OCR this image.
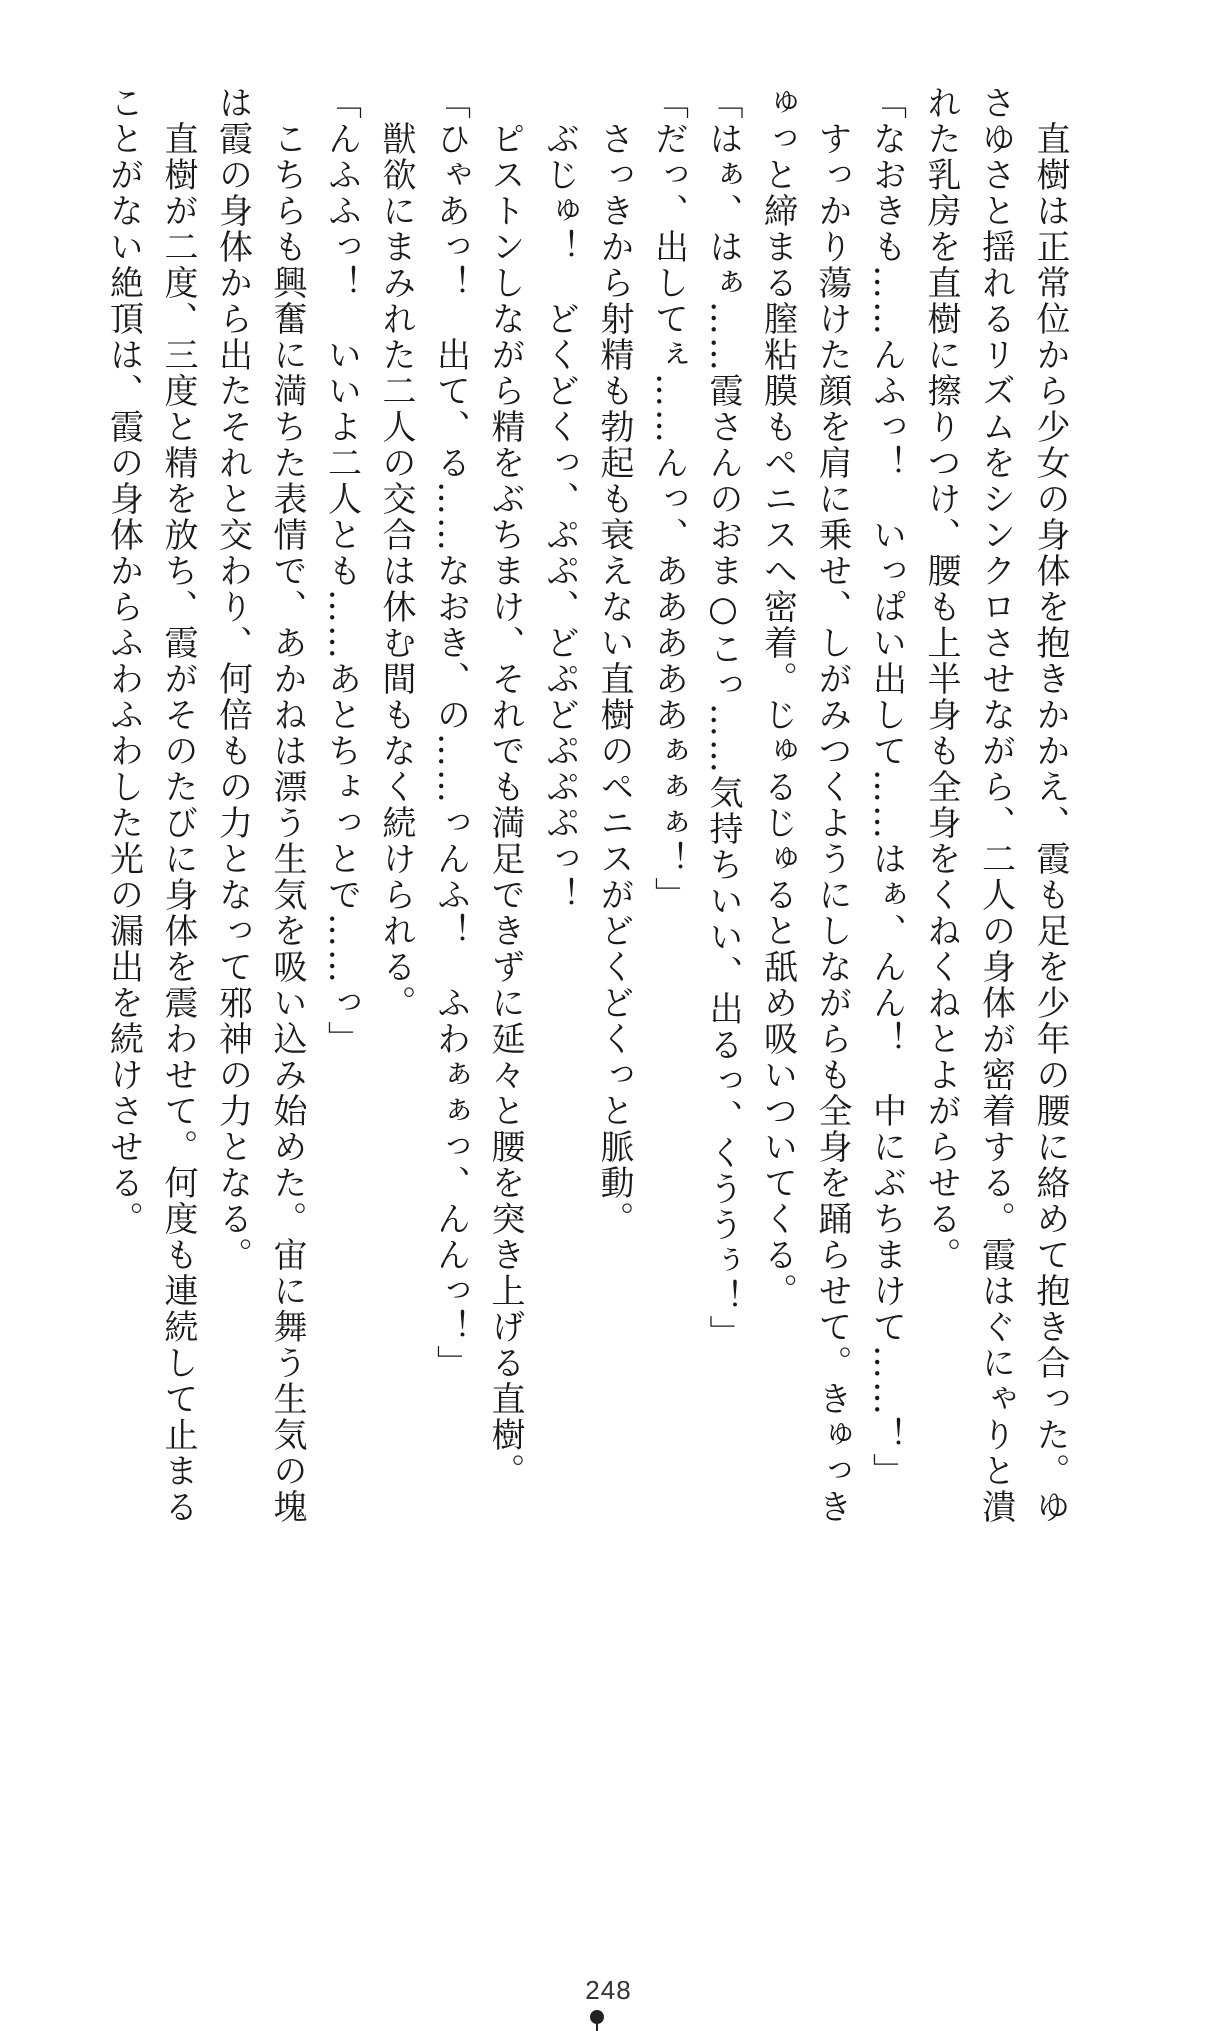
　直樹は正常位から少女の身体を抱きかかえ、霞も足を少年の腰に絡めて抱き合った。ゆ
さゆさと揺れるリズムをシンクロさせながら、二人の身体が密着する。霞はぐにゃりと潰
れた乳房を直樹に擦りつけ、腰も上半身も全身をくねくねとよがらせる。
「なおきも……んふっ！　いっぱい出して……はぁ、んん！　中にぶちまけて……！」
　すっかり蕩けた顔を肩に乗せ、しがみつくようにしながらも全身を踊らせて。きゅっき
ゅっと締まる膣粘膜もペニスへ密着。じゅるじゅると舐め吸いついてくる。
「はぁ、はぁ……霞さんのおま○こっ……気持ちいい、出るっ、くううぅ！」
「だっ、出してぇ……んっ、あああああぁぁぁ！」
　さっきから射精も勃起も衰えない直樹のペニスがどくどくっと脈動。
　ぶじゅ！　どくどくっ、ぷぷ、どぷどぷぷぷっ！
　ピストンしながら精をぶちまけ、それでも満足できずに延々と腰を突き上げる直樹。
「ひゃあっ！　出て、る……なおき、の……っんふ！　ふわぁぁっ、んんっ！」
　獣欲にまみれた二人の交合は休む間もなく続けられる。
「んふふっ！　いいよ二人とも……あとちょっとで……っ」
　こちらも興奮に満ちた表情で、あかねは漂う生気を吸い込み始めた。宙に舞う生気の塊
は霞の身体から出たそれと交わり、何倍もの力となって邪神の力となる。
　直樹が二度、三度と精を放ち、霞がそのたびに身体を震わせて。何度も連続して止まる
ことがない絶頂は、霞の身体からふわふわした光の漏出を続けさせる。
248
